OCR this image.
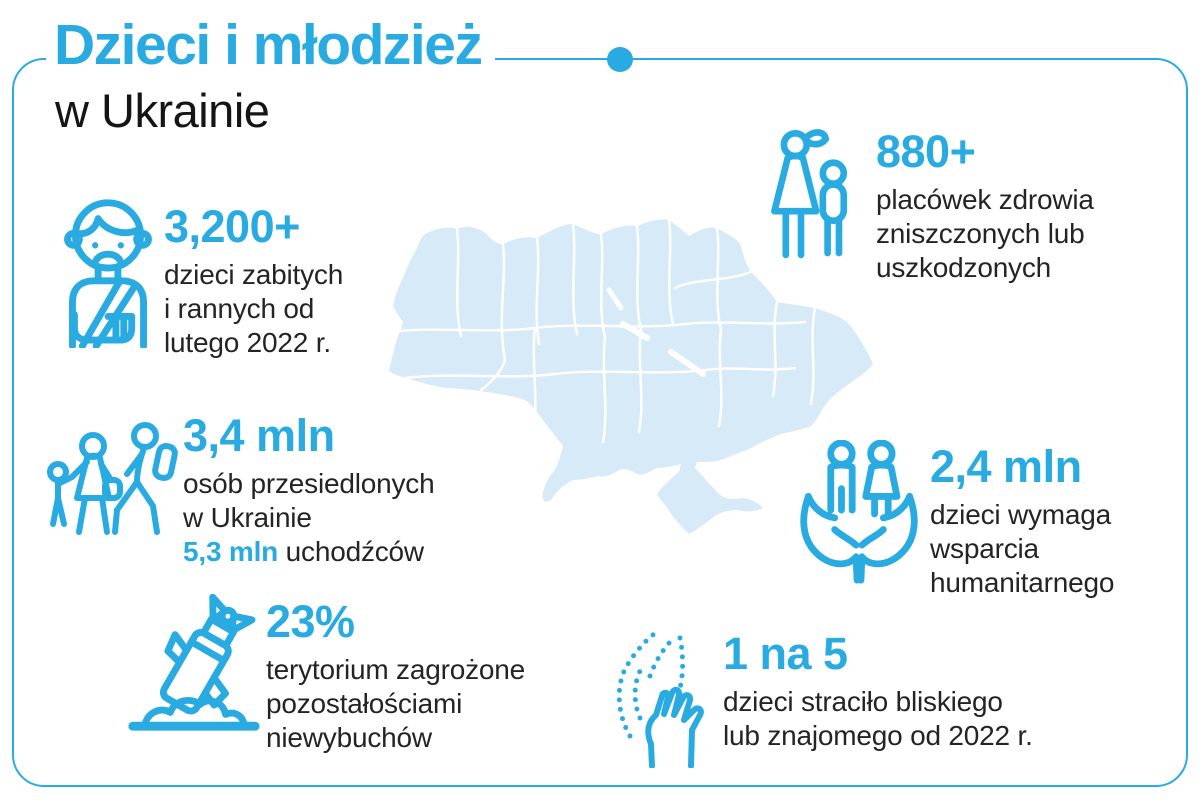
Dzieci i młodzież
w Ukrainie
3,200+
dzieci zabitych
i rannych od
lutego 2022 r.
880+
placówek zdrowia
zniszczonych lub
uszkodzonych
3,4 mln
osób przesiedlonych
w Ukrainie
5,3 mln uchodźców
2,4 mln
dzieci wymaga
wsparcia
humanitarnego
23%
terytorium zagrożone
pozostałościami
niewybuchów
1 na 5
dzieci straciło bliskiego
lub znajomego od 2022 r.
